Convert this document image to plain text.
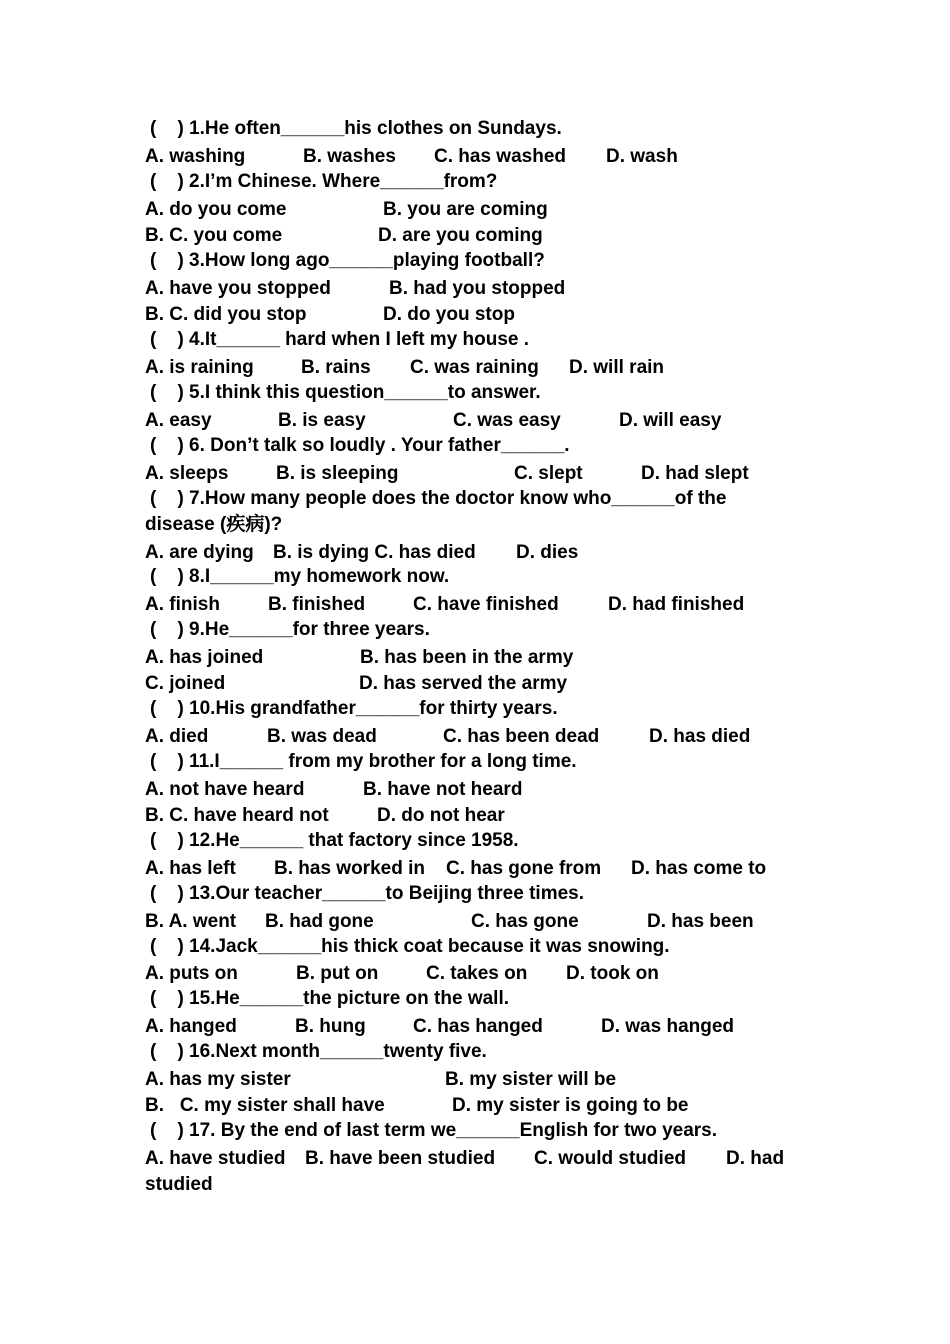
(    ) 1.He often______his clothes on Sundays.
A. washing	B. washes C. has washed D. wash
(    ) 2.I’m Chinese. Where______from?
A. do you come	B. you are coming
B. C. you come	D. are you coming
(    ) 3.How long ago______playing football?
A. have you stopped	B. had you stopped
B. C. did you stop	D. do you stop
(    ) 4.It______ hard when I left my house .
A. is raining B. rains C. was raining D. will rain
(    ) 5.I think this question______to answer.
A. easy	B. is easy	C. was easy	D. will easy
(    ) 6. Don’t talk so loudly . Your father______.
A. sleeps	B. is sleeping	C. slept	D. had slept
(    ) 7.How many people does the doctor know who______of the
disease (疾病)?
A. are dying B. is dying C. has died D. dies
(    ) 8.I______my homework now.
A. finish	B. finished	C. have finished	D. had finished
(    ) 9.He______for three years.
A. has joined	B. has been in the army
C. joined	D. has served the army
(    ) 10.His grandfather______for thirty years.
A. died	B. was dead	C. has been dead	D. has died
(    ) 11.I______ from my brother for a long time.
A. not have heard	B. have not heard
B. C. have heard not	D. do not hear
(    ) 12.He______ that factory since 1958.
A. has left B. has worked in C. has gone from D. has come to
(    ) 13.Our teacher______to Beijing three times.
B. A. went B. had gone	C. has gone	D. has been
(    ) 14.Jack______his thick coat because it was snowing.
A. puts on	B. put on	C. takes on D. took on
(    ) 15.He______the picture on the wall.
A. hanged	B. hung C. has hanged	D. was hanged
(    ) 16.Next month______twenty five.
A. has my sister	B. my sister will be
B.   C. my sister shall have	D. my sister is going to be
(    ) 17. By the end of last term we______English for two years.
A. have studied B. have been studied C. would studied D. had
studied
